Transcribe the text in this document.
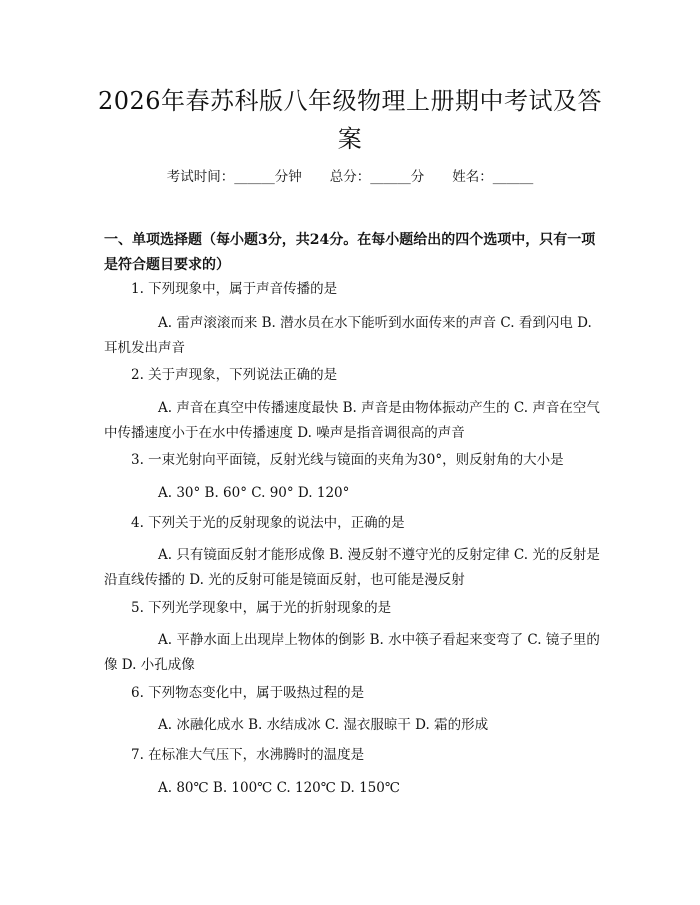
2026年春苏科版八年级物理上册期中考试及答案
考试时间：______分钟 总分：______分 姓名：______
一、单项选择题（每小题3分，共24分。在每小题给出的四个选项中，只有一项是符合题目要求的）
1. 下列现象中，属于声音传播的是
A. 雷声滚滚而来 B. 潜水员在水下能听到水面传来的声音 C. 看到闪电 D. 耳机发出声音
2. 关于声现象，下列说法正确的是
A. 声音在真空中传播速度最快 B. 声音是由物体振动产生的 C. 声音在空气中传播速度小于在水中传播速度 D. 噪声是指音调很高的声音
3. 一束光射向平面镜，反射光线与镜面的夹角为30°，则反射角的大小是
A. 30° B. 60° C. 90° D. 120°
4. 下列关于光的反射现象的说法中，正确的是
A. 只有镜面反射才能形成像 B. 漫反射不遵守光的反射定律 C. 光的反射是沿直线传播的 D. 光的反射可能是镜面反射，也可能是漫反射
5. 下列光学现象中，属于光的折射现象的是
A. 平静水面上出现岸上物体的倒影 B. 水中筷子看起来变弯了 C. 镜子里的像 D. 小孔成像
6. 下列物态变化中，属于吸热过程的是
A. 冰融化成水 B. 水结成冰 C. 湿衣服晾干 D. 霜的形成
7. 在标准大气压下，水沸腾时的温度是
A. 80℃ B. 100℃ C. 120℃ D. 150℃
